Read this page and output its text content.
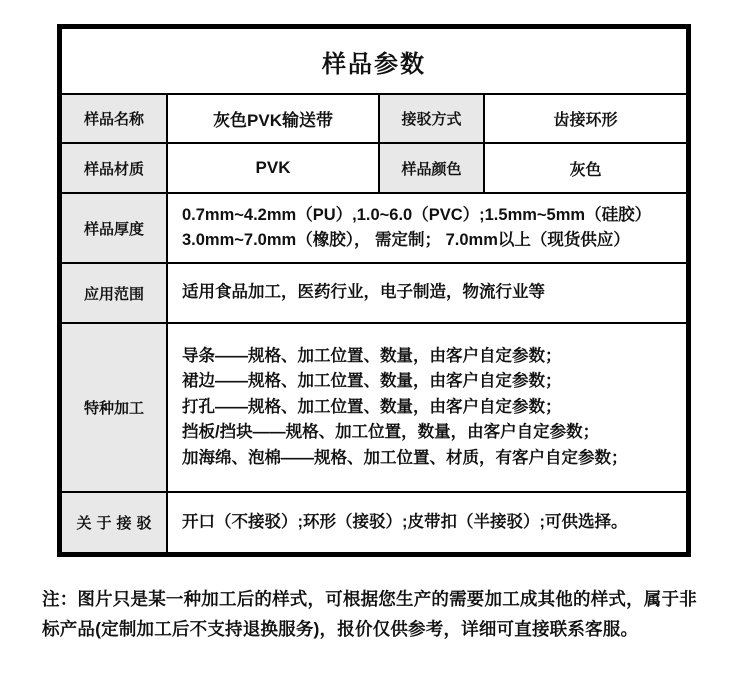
样品参数			
样品名称	灰色PVK输送带	接驳方式	齿接环形
样品材质	PVK	样品颜色	灰色
样品厚度	0.7mm~4.2mm（PU）,1.0~6.0（PVC）;1.5mm~5mm（硅胶）
3.0mm~7.0mm（橡胶）， 需定制； 7.0mm以上（现货供应）		

应用范围	适用食品加工，医药行业，电子制造，物流行业等		

特种加工	导条——规格、加工位置、数量，由客户自定参数；
裙边——规格、加工位置、数量，由客户自定参数；
打孔——规格、加工位置、数量，由客户自定参数；
挡板/挡块——规格、加工位置，数量，由客户自定参数；
加海绵、泡棉——规格、加工位置、材质，有客户自定参数；		

关于接驳	开口（不接驳）;环形（接驳）;皮带扣（半接驳）;可供选择。		
注：图片只是某一种加工后的样式，可根据您生产的需要加工成其他的样式，属于非标产品(定制加工后不支持退换服务)，报价仅供参考，详细可直接联系客服。
